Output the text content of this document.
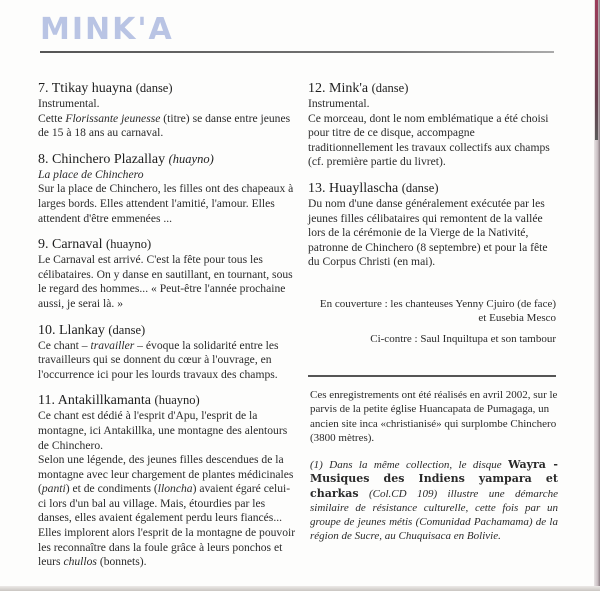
MINK'A
7. Ttikay huayna (danse)

Instrumental.

Cette Florissante jeunesse (titre) se danse entre jeunes de 15 à 18 ans au carnaval.

8. Chinchero Plazallay (huayno)

La place de Chinchero

Sur la place de Chinchero, les filles ont des chapeaux à larges bords. Elles attendent l'amitié, l'amour. Elles attendent d'être emmenées ...

9. Carnaval (huayno)

Le Carnaval est arrivé. C'est la fête pour tous les célibataires. On y danse en sautillant, en tournant, sous le regard des hommes... « Peut-être l'année prochaine aussi, je serai là. »

10. Llankay (danse)

Ce chant – travailler – évoque la solidarité entre les travailleurs qui se donnent du cœur à l'ouvrage, en l'occurrence ici pour les lourds travaux des champs.

11. Antakillkamanta (huayno)

Ce chant est dédié à l'esprit d'Apu, l'esprit de la montagne, ici Antakillka, une montagne des alentours de Chinchero.

Selon une légende, des jeunes filles descendues de la montagne avec leur chargement de plantes médicinales (panti) et de condiments (lloncha) avaient égaré celui-ci lors d'un bal au village. Mais, étourdies par les danses, elles avaient également perdu leurs fiancés... Elles implorent alors l'esprit de la montagne de pouvoir les reconnaître dans la foule grâce à leurs ponchos et leurs chullos (bonnets).

12. Mink'a (danse)

Instrumental.

Ce morceau, dont le nom emblématique a été choisi pour titre de ce disque, accompagne traditionnellement les travaux collectifs aux champs (cf. première partie du livret).

13. Huayllascha (danse)

Du nom d'une danse généralement exécutée par les jeunes filles célibataires qui remontent de la vallée lors de la cérémonie de la Vierge de la Nativité, patronne de Chinchero (8 septembre) et pour la fête du Corpus Christi (en mai).

En couverture : les chanteuses Yenny Cjuiro (de face)

et Eusebia Mesco

Ci-contre : Saul Inquiltupa et son tambour

Ces enregistrements ont été réalisés en avril 2002, sur le parvis de la petite église Huancapata de Pumagaga, un ancien site inca «christianisé» qui surplombe Chinchero (3800 mètres).

(1) Dans la même collection, le disque Wayra - Musiques des Indiens yampara et charkas (Col.CD 109) illustre une démarche similaire de résistance culturelle, cette fois par un groupe de jeunes métis (Comunidad Pachamama) de la région de Sucre, au Chuquisaca en Bolivie.
